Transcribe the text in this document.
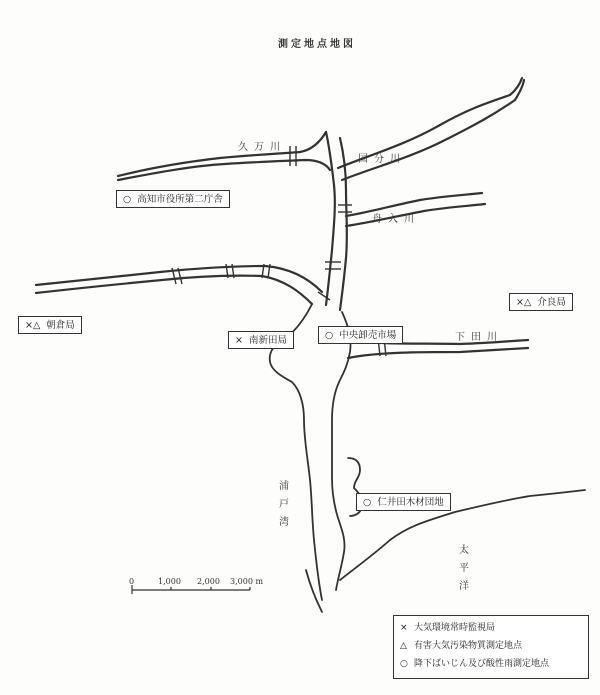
測定地点地図
久万川
国分川
舟入川
下田川
浦戸湾
太平洋
0	1,000 2,000 3,000 m
○ 高知市役所第二庁舎
×△ 朝倉局
× 南新田局	○ 中央卸売市場
×△ 介良局
○ 仁井田木材団地
× 大気環境常時監視局
△ 有害大気汚染物質測定地点
○ 降下ばいじん及び酸性雨測定地点
